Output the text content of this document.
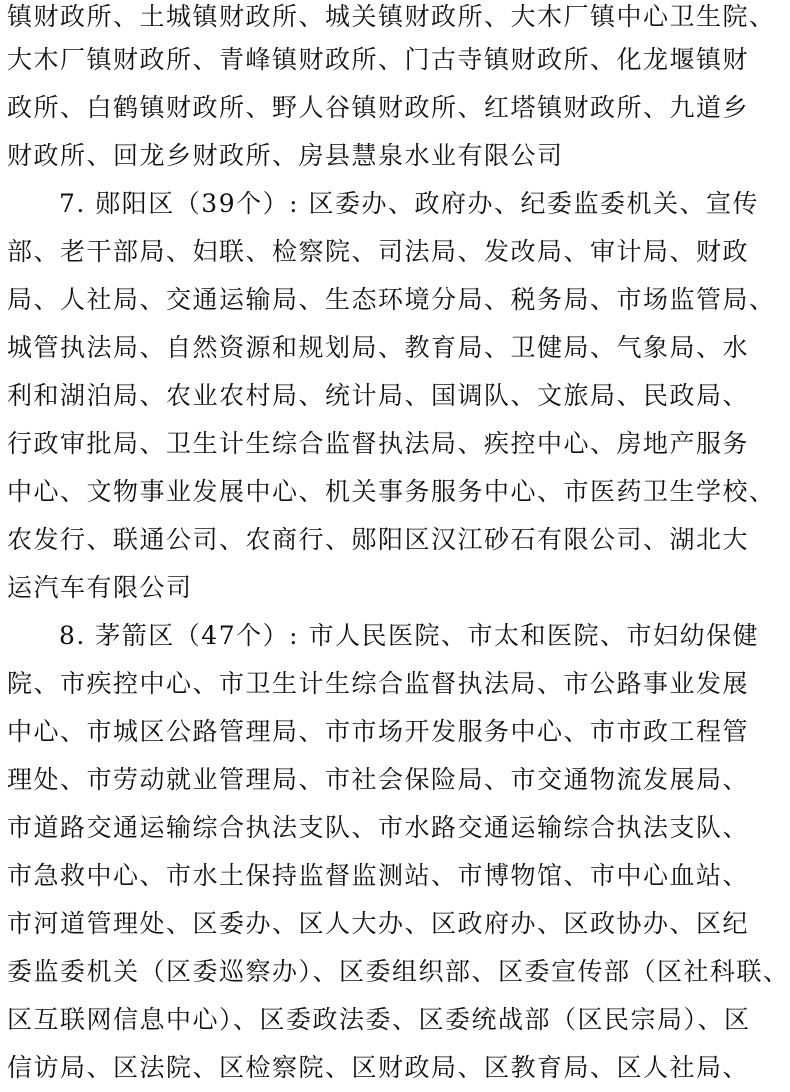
镇财政所、土城镇财政所、城关镇财政所、大木厂镇中心卫生院、
大木厂镇财政所、青峰镇财政所、门古寺镇财政所、化龙堰镇财
政所、白鹤镇财政所、野人谷镇财政所、红塔镇财政所、九道乡
财政所、回龙乡财政所、房县慧泉水业有限公司
7. 郧阳区（39个）: 区委办、政府办、纪委监委机关、宣传
部、老干部局、妇联、检察院、司法局、发改局、审计局、财政
局、人社局、交通运输局、生态环境分局、税务局、市场监管局、
城管执法局、自然资源和规划局、教育局、卫健局、气象局、水
利和湖泊局、农业农村局、统计局、国调队、文旅局、民政局、
行政审批局、卫生计生综合监督执法局、疾控中心、房地产服务
中心、文物事业发展中心、机关事务服务中心、市医药卫生学校、
农发行、联通公司、农商行、郧阳区汉江砂石有限公司、湖北大
运汽车有限公司
8. 茅箭区（47个）: 市人民医院、市太和医院、市妇幼保健
院、市疾控中心、市卫生计生综合监督执法局、市公路事业发展
中心、市城区公路管理局、市市场开发服务中心、市市政工程管
理处、市劳动就业管理局、市社会保险局、市交通物流发展局、
市道路交通运输综合执法支队、市水路交通运输综合执法支队、
市急救中心、市水土保持监督监测站、市博物馆、市中心血站、
市河道管理处、区委办、区人大办、区政府办、区政协办、区纪
委监委机关（区委巡察办）、区委组织部、区委宣传部（区社科联、
区互联网信息中心）、区委政法委、区委统战部（区民宗局）、区
信访局、区法院、区检察院、区财政局、区教育局、区人社局、
